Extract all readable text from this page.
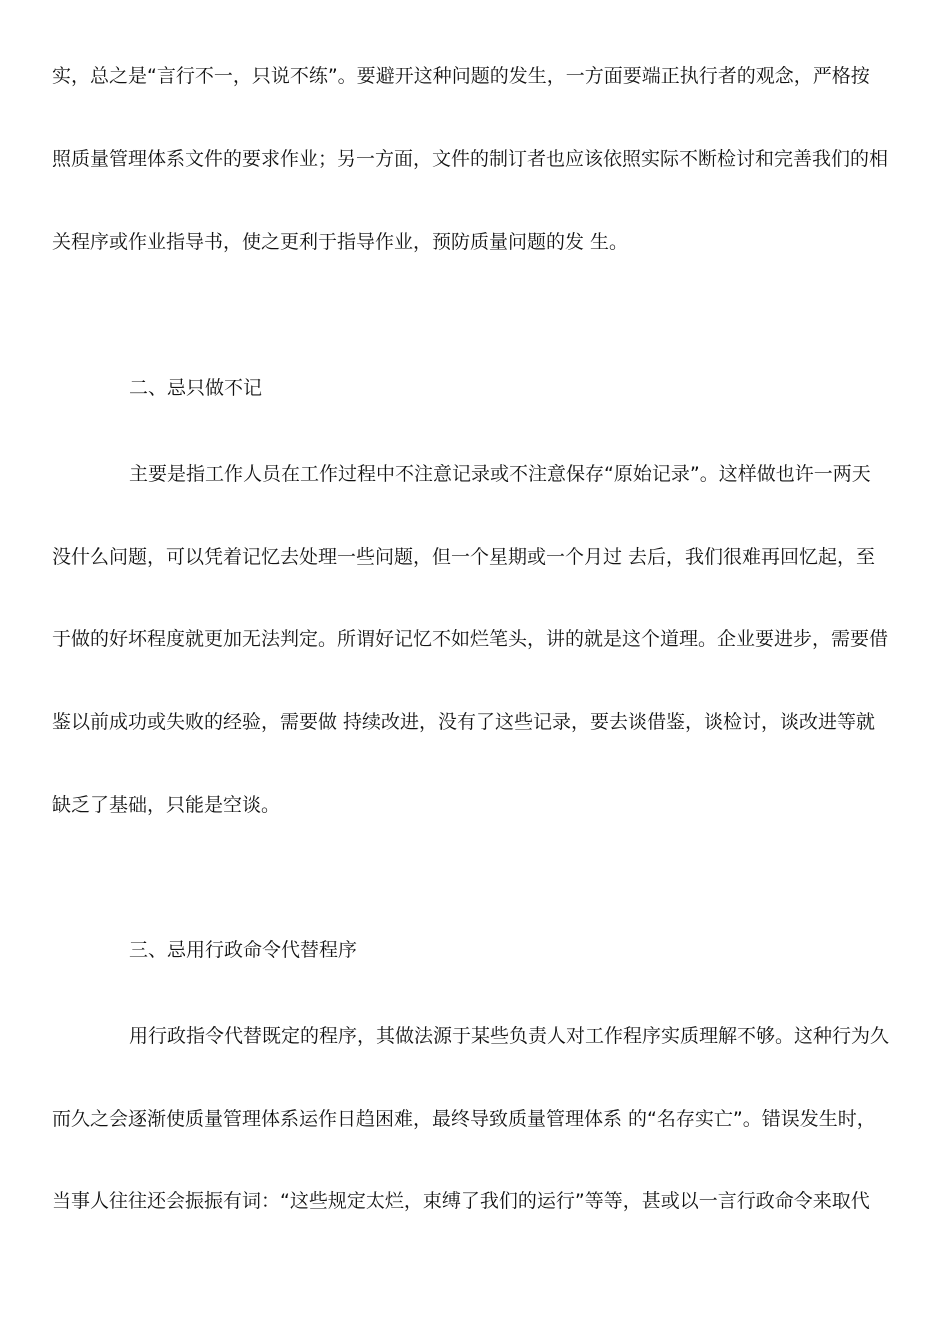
实，总之是“言行不一，只说不练”。要避开这种问题的发生，一方面要端正执行者的观念，严格按

照质量管理体系文件的要求作业；另一方面，文件的制订者也应该依照实际不断检讨和完善我们的相

关程序或作业指导书，使之更利于指导作业，预防质量问题的发 生。

二、忌只做不记

主要是指工作人员在工作过程中不注意记录或不注意保存“原始记录”。这样做也许一两天

没什么问题，可以凭着记忆去处理一些问题，但一个星期或一个月过 去后，我们很难再回忆起，至

于做的好坏程度就更加无法判定。所谓好记忆不如烂笔头，讲的就是这个道理。企业要进步，需要借

鉴以前成功或失败的经验，需要做 持续改进，没有了这些记录，要去谈借鉴，谈检讨，谈改进等就

缺乏了基础，只能是空谈。

三、忌用行政命令代替程序

用行政指令代替既定的程序，其做法源于某些负责人对工作程序实质理解不够。这种行为久

而久之会逐渐使质量管理体系运作日趋困难，最终导致质量管理体系 的“名存实亡”。错误发生时，

当事人往往还会振振有词：“这些规定太烂，束缚了我们的运行”等等，甚或以一言行政命令来取代
